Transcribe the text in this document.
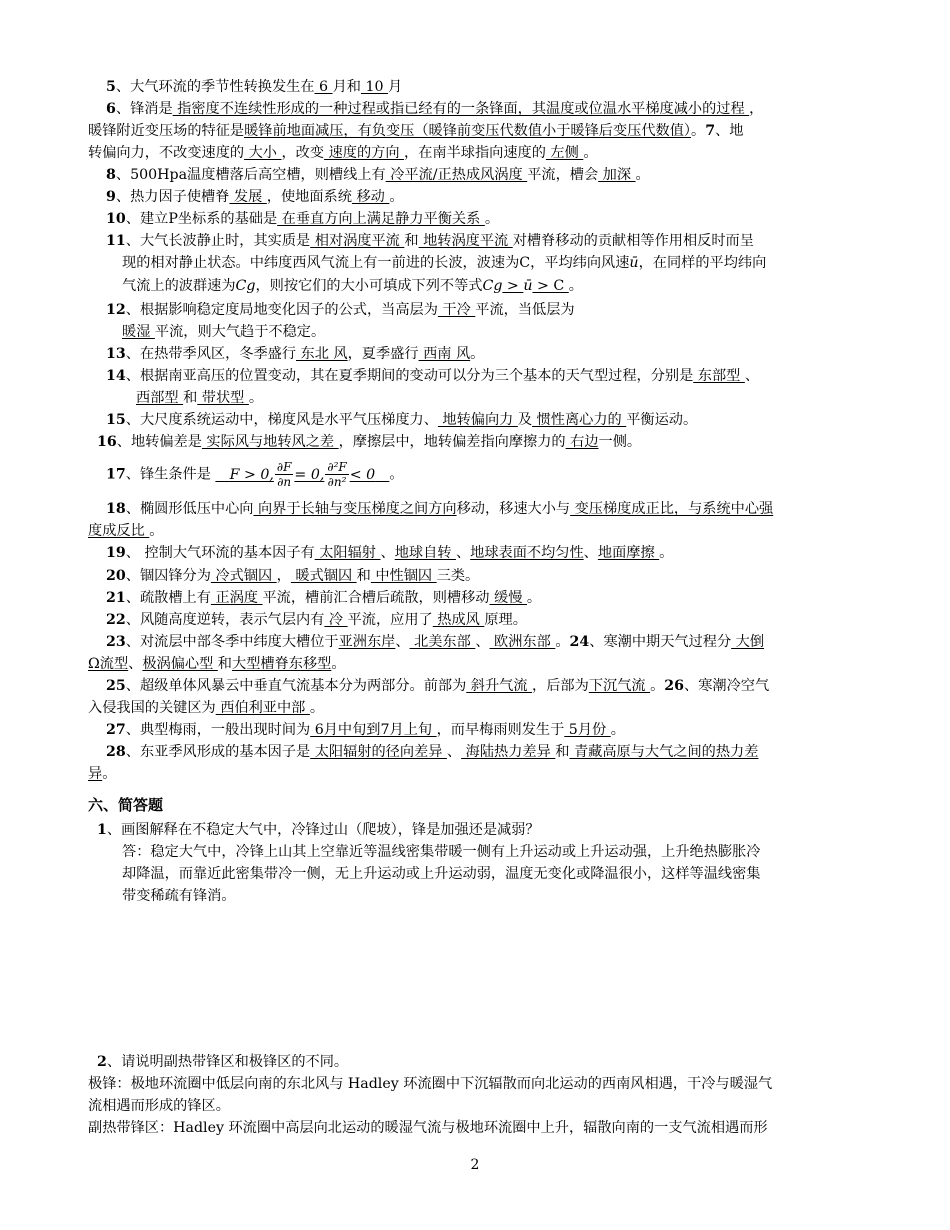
5、大气环流的季节性转换发生在 6 月和 10 月
6、锋消是 指密度不连续性形成的一种过程或指已经有的一条锋面，其温度或位温水平梯度减小的过程 ，
暖锋附近变压场的特征是暖锋前地面减压，有负变压（暖锋前变压代数值小于暖锋后变压代数值）。7、地
转偏向力，不改变速度的 大小 ，改变 速度的方向 ，在南半球指向速度的 左侧 。
8、500Hpa温度槽落后高空槽，则槽线上有 冷平流/正热成风涡度 平流，槽会 加深 。
9、热力因子使槽脊 发展 ，使地面系统 移动 。
10、建立P坐标系的基础是 在垂直方向上满足静力平衡关系 。
11、大气长波静止时，其实质是 相对涡度平流 和 地转涡度平流 对槽脊移动的贡献相等作用相反时而呈
现的相对静止状态。中纬度西风气流上有一前进的长波，波速为C，平均纬向风速ū，在同样的平均纬向
气流上的波群速为Cg，则按它们的大小可填成下列不等式Cg > ū > C 。
12、根据影响稳定度局地变化因子的公式，当高层为 干冷 平流，当低层为
暖湿 平流，则大气趋于不稳定。
13、在热带季风区，冬季盛行 东北 风，夏季盛行 西南 风。
14、根据南亚高压的位置变动，其在夏季期间的变动可以分为三个基本的天气型过程，分别是 东部型 、
西部型 和 带状型 。
15、大尺度系统运动中，梯度风是水平气压梯度力、 地转偏向力 及 惯性离心力的 平衡运动。
16、地转偏差是 实际风与地转风之差 ，摩擦层中，地转偏差指向摩擦力的 右边一侧。
17、锋生条件是   F > 0, $\frac{\partial F}{\partial n} = 0$, $\frac{\text{∂²F}}{\text{∂n²}} < 0$  。
18、椭圆形低压中心向 向界于长轴与变压梯度之间方向移动，移速大小与 变压梯度成正比，与系统中心强
度成反比 。
19、 控制大气环流的基本因子有 太阳辐射 、地球自转 、地球表面不均匀性、地面摩擦 。
20、锢囚锋分为 冷式锢囚 ， 暖式锢囚 和 中性锢囚 三类。
21、疏散槽上有 正涡度 平流，槽前汇合槽后疏散，则槽移动 缓慢 。
22、风随高度逆转，表示气层内有 冷 平流，应用了 热成风 原理。
23、对流层中部冬季中纬度大槽位于亚洲东岸、 北美东部 、 欧洲东部 。24、寒潮中期天气过程分 大倒
Ω流型、极涡偏心型 和大型槽脊东移型。
25、超级单体风暴云中垂直气流基本分为两部分。前部为 斜升气流 ，后部为下沉气流 。26、寒潮冷空气
入侵我国的关键区为 西伯利亚中部 。
27、典型梅雨，一般出现时间为 6月中旬到7月上旬 ，而早梅雨则发生于 5月份 。
28、东亚季风形成的基本因子是 太阳辐射的径向差异 、 海陆热力差异 和 青藏高原与大气之间的热力差
异。
六、简答题
1、画图解释在不稳定大气中，冷锋过山（爬坡），锋是加强还是减弱？
答：稳定大气中，冷锋上山其上空靠近等温线密集带暖一侧有上升运动或上升运动强，上升绝热膨胀冷
却降温，而靠近此密集带冷一侧，无上升运动或上升运动弱，温度无变化或降温很小，这样等温线密集
带变稀疏有锋消。
2、请说明副热带锋区和极锋区的不同。
极锋：极地环流圈中低层向南的东北风与 Hadley 环流圈中下沉辐散而向北运动的西南风相遇，干冷与暖湿气
流相遇而形成的锋区。
副热带锋区：Hadley 环流圈中高层向北运动的暖湿气流与极地环流圈中上升，辐散向南的一支气流相遇而形
2
